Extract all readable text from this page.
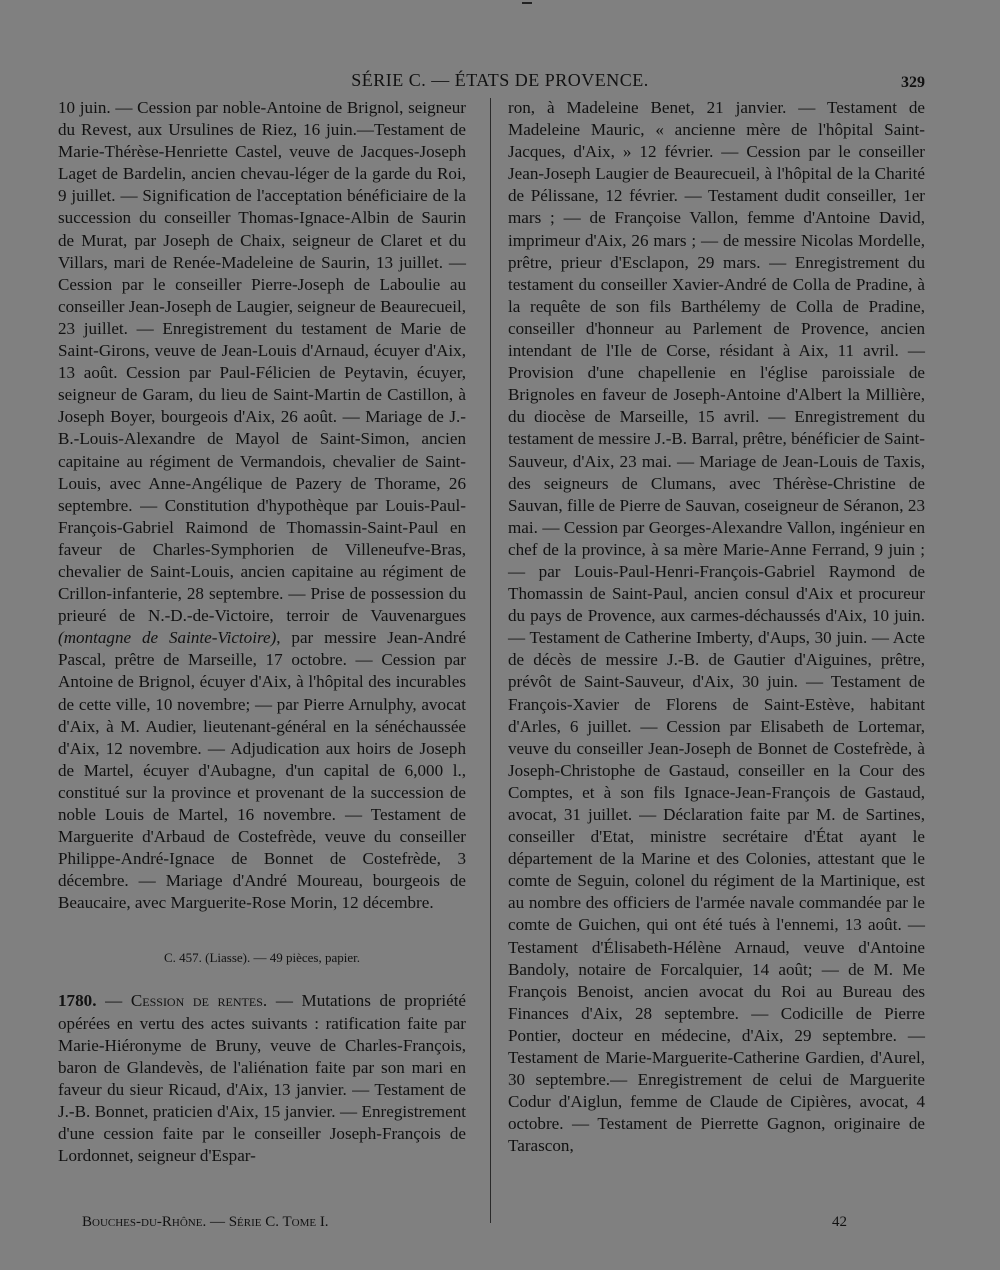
SÉRIE C. — ÉTATS DE PROVENCE.	329

10 juin. — Cession par noble-Antoine de Brignol, seigneur du Revest, aux Ursulines de Riez, 16 juin.—Testament de Marie-Thérèse-Henriette Castel, veuve de Jacques-Joseph Laget de Bardelin, ancien chevau-léger de la garde du Roi, 9 juillet. — Signification de l'acceptation bénéficiaire de la succession du conseiller Thomas-Ignace-Albin de Saurin de Murat, par Joseph de Chaix, seigneur de Claret et du Villars, mari de Renée-Madeleine de Saurin, 13 juillet. — Cession par le conseiller Pierre-Joseph de Laboulie au conseiller Jean-Joseph de Laugier, seigneur de Beaurecueil, 23 juillet. — Enregistrement du testament de Marie de Saint-Girons, veuve de Jean-Louis d'Arnaud, écuyer d'Aix, 13 août. Cession par Paul-Félicien de Peytavin, écuyer, seigneur de Garam, du lieu de Saint-Martin de Castillon, à Joseph Boyer, bourgeois d'Aix, 26 août. — Mariage de J.-B.-Louis-Alexandre de Mayol de Saint-Simon, ancien capitaine au régiment de Vermandois, chevalier de Saint-Louis, avec Anne-Angélique de Pazery de Thorame, 26 septembre. — Constitution d'hypothèque par Louis-Paul-François-Gabriel Raimond de Thomassin-Saint-Paul en faveur de Charles-Symphorien de Villeneufve-Bras, chevalier de Saint-Louis, ancien capitaine au régiment de Crillon-infanterie, 28 septembre. — Prise de possession du prieuré de N.-D.-de-Victoire, terroir de Vauvenargues (montagne de Sainte-Victoire), par messire Jean-André Pascal, prêtre de Marseille, 17 octobre. — Cession par Antoine de Brignol, écuyer d'Aix, à l'hôpital des incurables de cette ville, 10 novembre; — par Pierre Arnulphy, avocat d'Aix, à M. Audier, lieutenant-général en la sénéchaussée d'Aix, 12 novembre. — Adjudication aux hoirs de Joseph de Martel, écuyer d'Aubagne, d'un capital de 6,000 l., constitué sur la province et provenant de la succession de noble Louis de Martel, 16 novembre. — Testament de Marguerite d'Arbaud de Costefrède, veuve du conseiller Philippe-André-Ignace de Bonnet de Costefrède, 3 décembre. — Mariage d'André Moureau, bourgeois de Beaucaire, avec Marguerite-Rose Morin, 12 décembre.

C. 457. (Liasse). — 49 pièces, papier.

1780. — Cession de rentes. — Mutations de propriété opérées en vertu des actes suivants : ratification faite par Marie-Hiéronyme de Bruny, veuve de Charles-François, baron de Glandevès, de l'aliénation faite par son mari en faveur du sieur Ricaud, d'Aix, 13 janvier. — Testament de J.-B. Bonnet, praticien d'Aix, 15 janvier. — Enregistrement d'une cession faite par le conseiller Joseph-François de Lordonnet, seigneur d'Espar-

ron, à Madeleine Benet, 21 janvier. — Testament de Madeleine Mauric, « ancienne mère de l'hôpital Saint-Jacques, d'Aix, » 12 février. — Cession par le conseiller Jean-Joseph Laugier de Beaurecueil, à l'hôpital de la Charité de Pélissane, 12 février. — Testament dudit conseiller, 1er mars ; — de Françoise Vallon, femme d'Antoine David, imprimeur d'Aix, 26 mars ; — de messire Nicolas Mordelle, prêtre, prieur d'Esclapon, 29 mars. — Enregistrement du testament du conseiller Xavier-André de Colla de Pradine, à la requête de son fils Barthélemy de Colla de Pradine, conseiller d'honneur au Parlement de Provence, ancien intendant de l'Ile de Corse, résidant à Aix, 11 avril. — Provision d'une chapellenie en l'église paroissiale de Brignoles en faveur de Joseph-Antoine d'Albert la Millière, du diocèse de Marseille, 15 avril. — Enregistrement du testament de messire J.-B. Barral, prêtre, bénéficier de Saint-Sauveur, d'Aix, 23 mai. — Mariage de Jean-Louis de Taxis, des seigneurs de Clumans, avec Thérèse-Christine de Sauvan, fille de Pierre de Sauvan, coseigneur de Séranon, 23 mai. — Cession par Georges-Alexandre Vallon, ingénieur en chef de la province, à sa mère Marie-Anne Ferrand, 9 juin ; — par Louis-Paul-Henri-François-Gabriel Raymond de Thomassin de Saint-Paul, ancien consul d'Aix et procureur du pays de Provence, aux carmes-déchaussés d'Aix, 10 juin. — Testament de Catherine Imberty, d'Aups, 30 juin. — Acte de décès de messire J.-B. de Gautier d'Aiguines, prêtre, prévôt de Saint-Sauveur, d'Aix, 30 juin. — Testament de François-Xavier de Florens de Saint-Estève, habitant d'Arles, 6 juillet. — Cession par Elisabeth de Lortemar, veuve du conseiller Jean-Joseph de Bonnet de Costefrède, à Joseph-Christophe de Gastaud, conseiller en la Cour des Comptes, et à son fils Ignace-Jean-François de Gastaud, avocat, 31 juillet. — Déclaration faite par M. de Sartines, conseiller d'Etat, ministre secrétaire d'État ayant le département de la Marine et des Colonies, attestant que le comte de Seguin, colonel du régiment de la Martinique, est au nombre des officiers de l'armée navale commandée par le comte de Guichen, qui ont été tués à l'ennemi, 13 août. — Testament d'Élisabeth-Hélène Arnaud, veuve d'Antoine Bandoly, notaire de Forcalquier, 14 août; — de M. Me François Benoist, ancien avocat du Roi au Bureau des Finances d'Aix, 28 septembre. — Codicille de Pierre Pontier, docteur en médecine, d'Aix, 29 septembre. — Testament de Marie-Marguerite-Catherine Gardien, d'Aurel, 30 septembre.— Enregistrement de celui de Marguerite Codur d'Aiglun, femme de Claude de Cipières, avocat, 4 octobre. — Testament de Pierrette Gagnon, originaire de Tarascon,

Bouches-du-Rhône. — Série C. Tome I.	42
